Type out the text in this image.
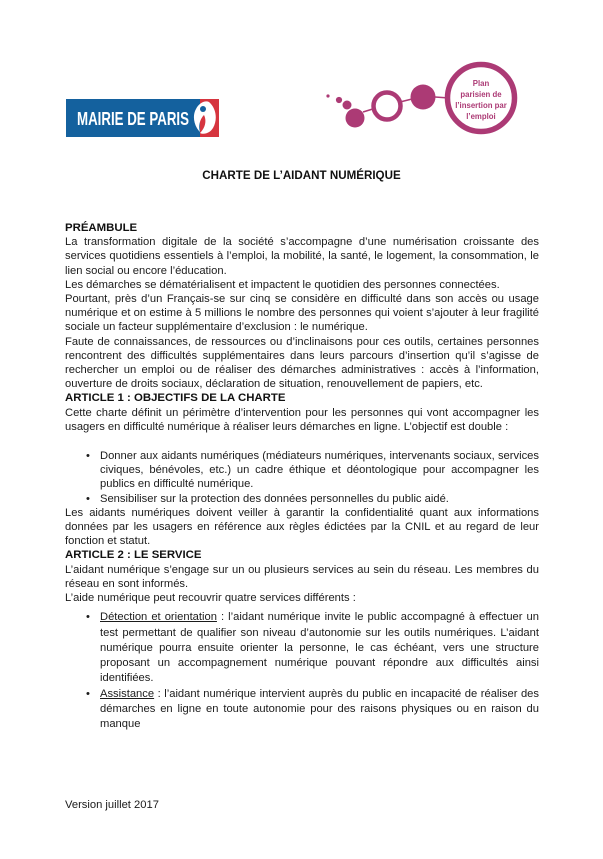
MAIRIE DE PARIS
Plan
parisien de
l’insertion par
l’emploi
CHARTE DE L’AIDANT NUMÉRIQUE
PRÉAMBULE

La transformation digitale de la société s’accompagne d’une numérisation croissante des services quotidiens essentiels à l’emploi, la mobilité, la santé, le logement, la consommation, le lien social ou encore l’éducation.

Les démarches se dématérialisent et impactent le quotidien des personnes connectées.

Pourtant, près d’un Français-se sur cinq se considère en difficulté dans son accès ou usage numérique et on estime à 5 millions le nombre des personnes qui voient s’ajouter à leur fragilité sociale un facteur supplémentaire d’exclusion : le numérique.

Faute de connaissances, de ressources ou d’inclinaisons pour ces outils, certaines personnes rencontrent des difficultés supplémentaires dans leurs parcours d’insertion qu’il s’agisse de rechercher un emploi ou de réaliser des démarches administratives : accès à l’information, ouverture de droits sociaux, déclaration de situation, renouvellement de papiers, etc.

ARTICLE 1 : OBJECTIFS DE LA CHARTE

Cette charte définit un périmètre d’intervention pour les personnes qui vont accompagner les usagers en difficulté numérique à réaliser leurs démarches en ligne. L’objectif est double :

• Donner aux aidants numériques (médiateurs numériques, intervenants sociaux, services civiques, bénévoles, etc.) un cadre éthique et déontologique pour accompagner les publics en difficulté numérique.
• Sensibiliser sur la protection des données personnelles du public aidé.

Les aidants numériques doivent veiller à garantir la confidentialité quant aux informations données par les usagers en référence aux règles édictées par la CNIL et au regard de leur fonction et statut.

ARTICLE 2 : LE SERVICE

L’aidant numérique s’engage sur un ou plusieurs services au sein du réseau. Les membres du réseau en sont informés.

L’aide numérique peut recouvrir quatre services différents :

• Détection et orientation : l’aidant numérique invite le public accompagné à effectuer un test permettant de qualifier son niveau d’autonomie sur les outils numériques. L’aidant numérique pourra ensuite orienter la personne, le cas échéant, vers une structure proposant un accompagnement numérique pouvant répondre aux difficultés ainsi identifiées.
• Assistance : l’aidant numérique intervient auprès du public en incapacité de réaliser des démarches en ligne en toute autonomie pour des raisons physiques ou en raison du manque
Version juillet 2017
